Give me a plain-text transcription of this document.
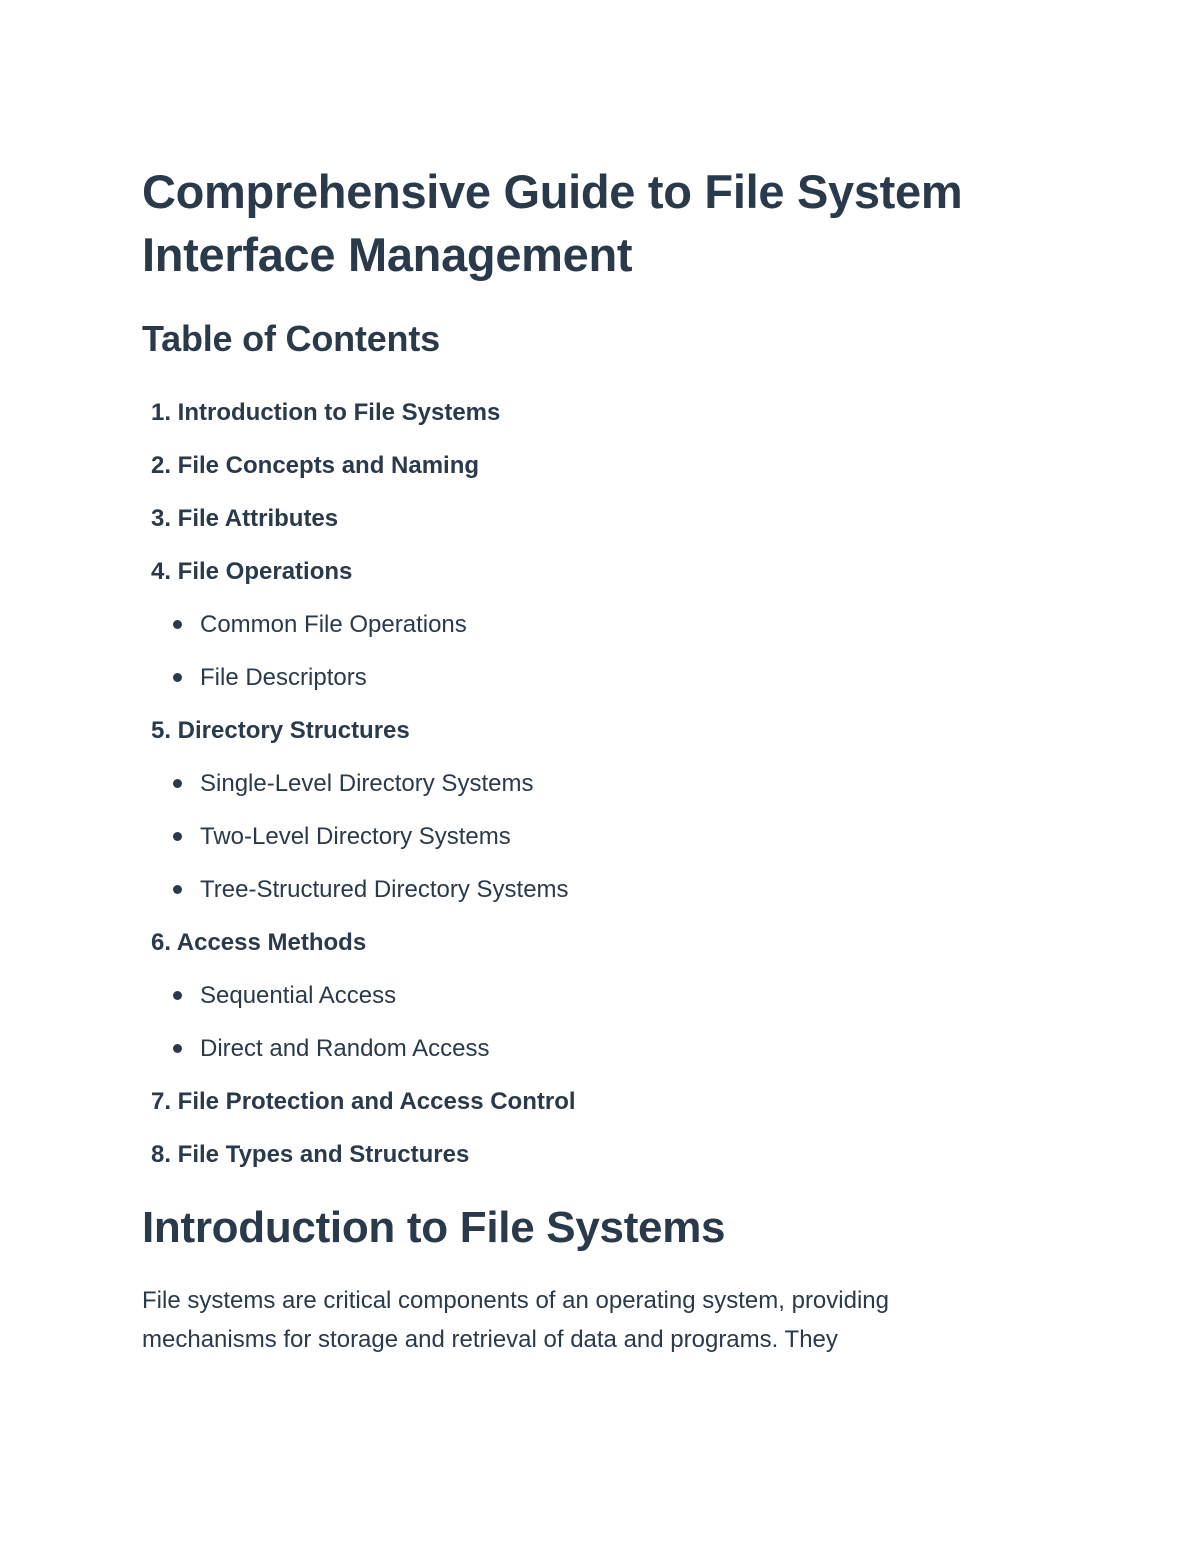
Comprehensive Guide to File System Interface Management
Table of Contents
1. Introduction to File Systems
2. File Concepts and Naming
3. File Attributes
4. File Operations
Common File Operations
File Descriptors
5. Directory Structures
Single-Level Directory Systems
Two-Level Directory Systems
Tree-Structured Directory Systems
6. Access Methods
Sequential Access
Direct and Random Access
7. File Protection and Access Control
8. File Types and Structures
Introduction to File Systems

File systems are critical components of an operating system, providing mechanisms for storage and retrieval of data and programs. They
